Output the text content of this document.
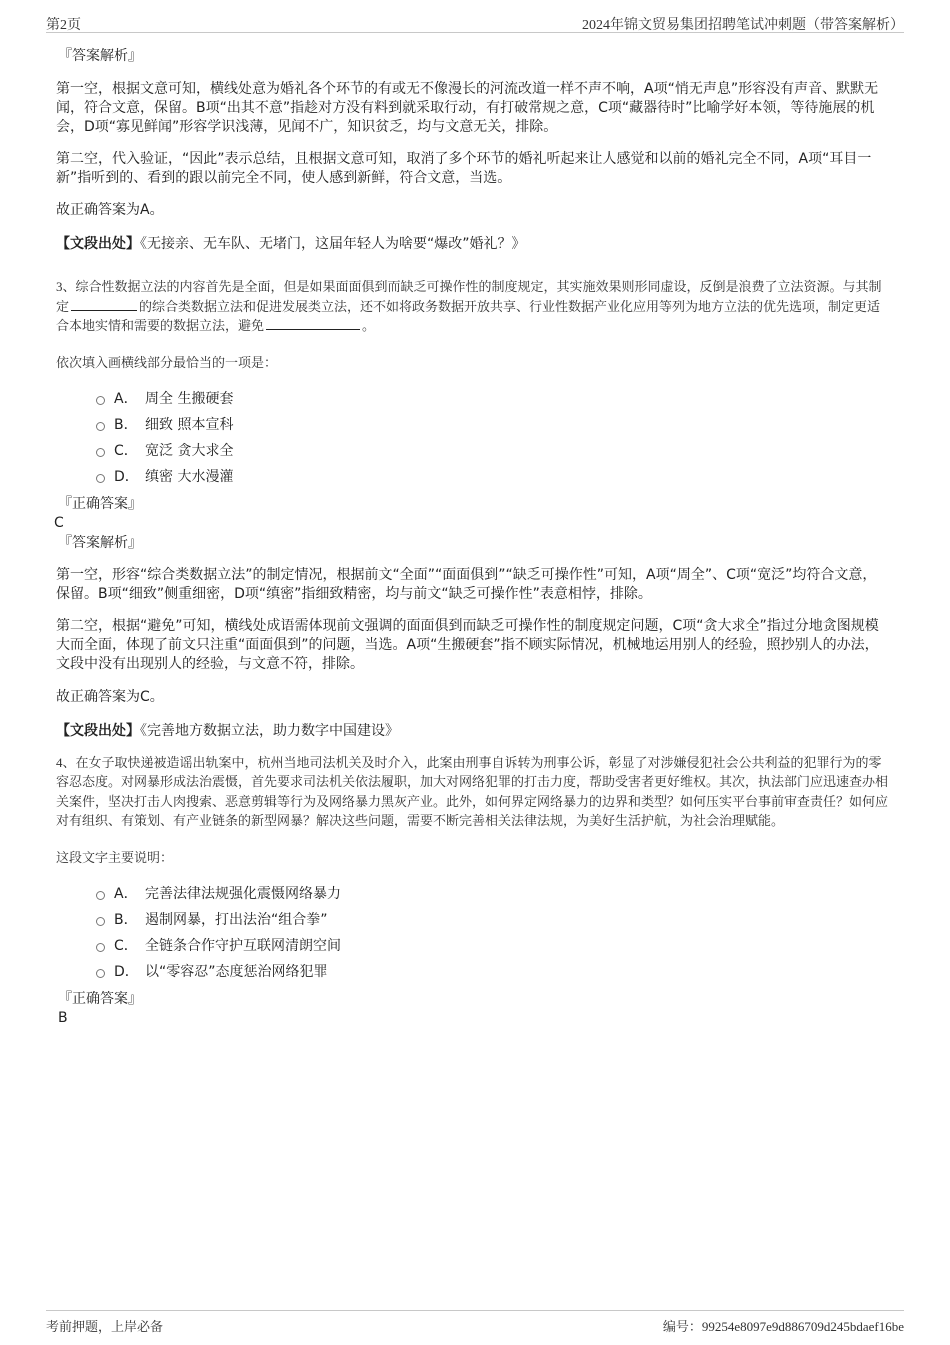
第2页	2024年锦文贸易集团招聘笔试冲刺题（带答案解析）

『答案解析』

第一空，根据文意可知，横线处意为婚礼各个环节的有或无不像漫长的河流改道一样不声不响，A项“悄无声息”形容没有声音、默默无闻，符合文意，保留。B项“出其不意”指趁对方没有料到就采取行动，有打破常规之意，C项“藏器待时”比喻学好本领，等待施展的机会，D项“寡见鲜闻”形容学识浅薄，见闻不广，知识贫乏，均与文意无关，排除。

第二空，代入验证，“因此”表示总结，且根据文意可知，取消了多个环节的婚礼听起来让人感觉和以前的婚礼完全不同，A项“耳目一新”指听到的、看到的跟以前完全不同，使人感到新鲜，符合文意，当选。

故正确答案为A。

【文段出处】《无接亲、无车队、无堵门，这届年轻人为啥要“爆改”婚礼？》

3、综合性数据立法的内容首先是全面，但是如果面面俱到而缺乏可操作性的制度规定，其实施效果则形同虚设，反倒是浪费了立法资源。与其制定	的综合类数据立法和促进发展类立法，还不如将政务数据开放共享、行业性数据产业化应用等列为地方立法的优先选项，制定更适合本地实情和需要的数据立法，避免	。

依次填入画横线部分最恰当的一项是：

A． 周全 生搬硬套
B． 细致 照本宣科
C． 宽泛 贪大求全
D． 缜密 大水漫灌

『正确答案』

C

『答案解析』

第一空，形容“综合类数据立法”的制定情况，根据前文“全面”“面面俱到”“缺乏可操作性”可知，A项“周全”、C项“宽泛”均符合文意，保留。B项“细致”侧重细密，D项“缜密”指细致精密，均与前文“缺乏可操作性”表意相悖，排除。

第二空，根据“避免”可知，横线处成语需体现前文强调的面面俱到而缺乏可操作性的制度规定问题，C项“贪大求全”指过分地贪图规模大而全面，体现了前文只注重“面面俱到”的问题，当选。A项“生搬硬套”指不顾实际情况，机械地运用别人的经验，照抄别人的办法，文段中没有出现别人的经验，与文意不符，排除。

故正确答案为C。

【文段出处】《完善地方数据立法，助力数字中国建设》

4、在女子取快递被造谣出轨案中，杭州当地司法机关及时介入，此案由刑事自诉转为刑事公诉，彰显了对涉嫌侵犯社会公共利益的犯罪行为的零容忍态度。对网暴形成法治震慑，首先要求司法机关依法履职，加大对网络犯罪的打击力度，帮助受害者更好维权。其次，执法部门应迅速查办相关案件，坚决打击人肉搜索、恶意剪辑等行为及网络暴力黑灰产业。此外，如何界定网络暴力的边界和类型？如何压实平台事前审查责任？如何应对有组织、有策划、有产业链条的新型网暴？解决这些问题，需要不断完善相关法律法规，为美好生活护航，为社会治理赋能。

这段文字主要说明：

A． 完善法律法规强化震慑网络暴力
B． 遏制网暴，打出法治“组合拳”
C． 全链条合作守护互联网清朗空间
D． 以“零容忍”态度惩治网络犯罪

『正确答案』

B

考前押题，上岸必备	编号：99254e8097e9d886709d245bdaef16be
